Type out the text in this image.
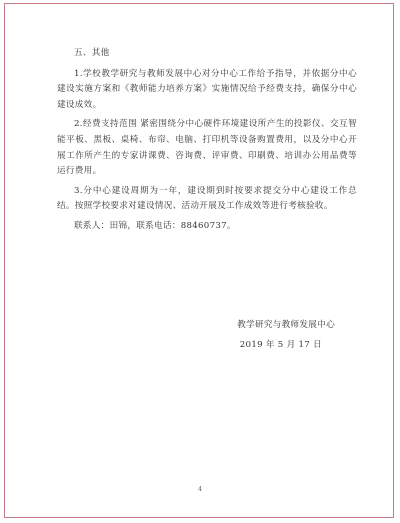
五、其他

1.学校教学研究与教师发展中心对分中心工作给予指导，并依据分中心建设实施方案和《教师能力培养方案》实施情况给予经费支持，确保分中心建设成效。

2.经费支持范围 紧密围绕分中心硬件环境建设所产生的投影仪、交互智能平板、黑板、桌椅、布帘、电脑、打印机等设备购置费用，以及分中心开展工作所产生的专家讲课费、咨询费、评审费、印刷费、培训办公用品费等运行费用。

3.分中心建设周期为一年，建设期到时按要求提交分中心建设工作总结。按照学校要求对建设情况、活动开展及工作成效等进行考核验收。

联系人：田锦，联系电话：88460737。

教学研究与教师发展中心
2019 年 5 月 17 日
4
